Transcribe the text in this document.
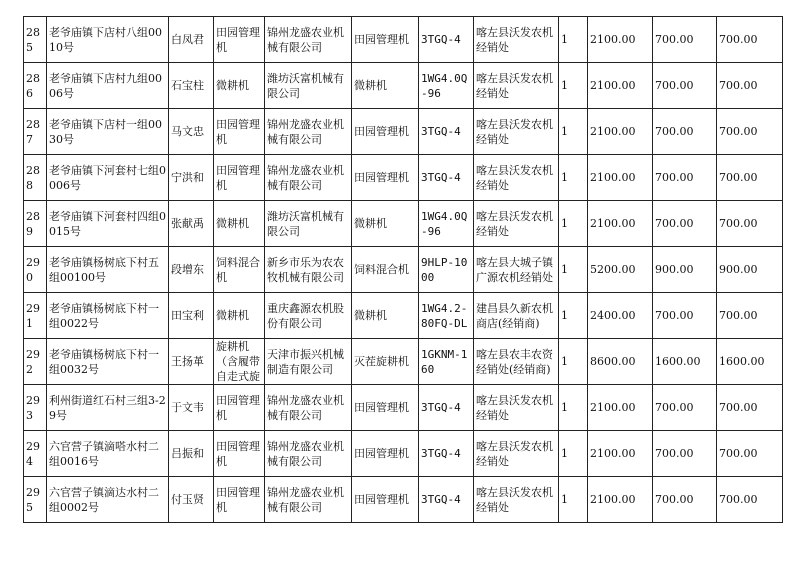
285	老爷庙镇下店村八组0010号	白凤君	田园管理机	锦州龙盛农业机械有限公司	田园管理机	3TGQ-4	喀左县沃发农机经销处	1	2100.00	700.00	700.00
286	老爷庙镇下店村九组0006号	石宝柱	微耕机	潍坊沃富机械有限公司	微耕机	1WG4.0Q-96	喀左县沃发农机经销处	1	2100.00	700.00	700.00
287	老爷庙镇下店村一组0030号	马文忠	田园管理机	锦州龙盛农业机械有限公司	田园管理机	3TGQ-4	喀左县沃发农机经销处	1	2100.00	700.00	700.00
288	老爷庙镇下河套村七组0006号	宁洪和	田园管理机	锦州龙盛农业机械有限公司	田园管理机	3TGQ-4	喀左县沃发农机经销处	1	2100.00	700.00	700.00
289	老爷庙镇下河套村四组0015号	张献禹	微耕机	潍坊沃富机械有限公司	微耕机	1WG4.0Q-96	喀左县沃发农机经销处	1	2100.00	700.00	700.00
290	老爷庙镇杨树底下村五组00100号	段增东	饲料混合机	新乡市乐为农农牧机械有限公司	饲料混合机	9HLP-1000	喀左县大城子镇广源农机经销处	1	5200.00	900.00	900.00
291	老爷庙镇杨树底下村一组0022号	田宝利	微耕机	重庆鑫源农机股份有限公司	微耕机	1WG4.2-80FQ-DL	建昌县久新农机商店(经销商)	1	2400.00	700.00	700.00
292	老爷庙镇杨树底下村一组0032号	王扬革	旋耕机（含履带自走式旋	天津市振兴机械制造有限公司	灭茬旋耕机	1GKNM-160	喀左县农丰农资经销处(经销商)	1	8600.00	1600.00	1600.00
293	利州街道红石村三组3-29号	于文韦	田园管理机	锦州龙盛农业机械有限公司	田园管理机	3TGQ-4	喀左县沃发农机经销处	1	2100.00	700.00	700.00
294	六官营子镇滴嗒水村二组0016号	吕振和	田园管理机	锦州龙盛农业机械有限公司	田园管理机	3TGQ-4	喀左县沃发农机经销处	1	2100.00	700.00	700.00
295	六官营子镇滴达水村二组0002号	付玉贤	田园管理机	锦州龙盛农业机械有限公司	田园管理机	3TGQ-4	喀左县沃发农机经销处	1	2100.00	700.00	700.00
